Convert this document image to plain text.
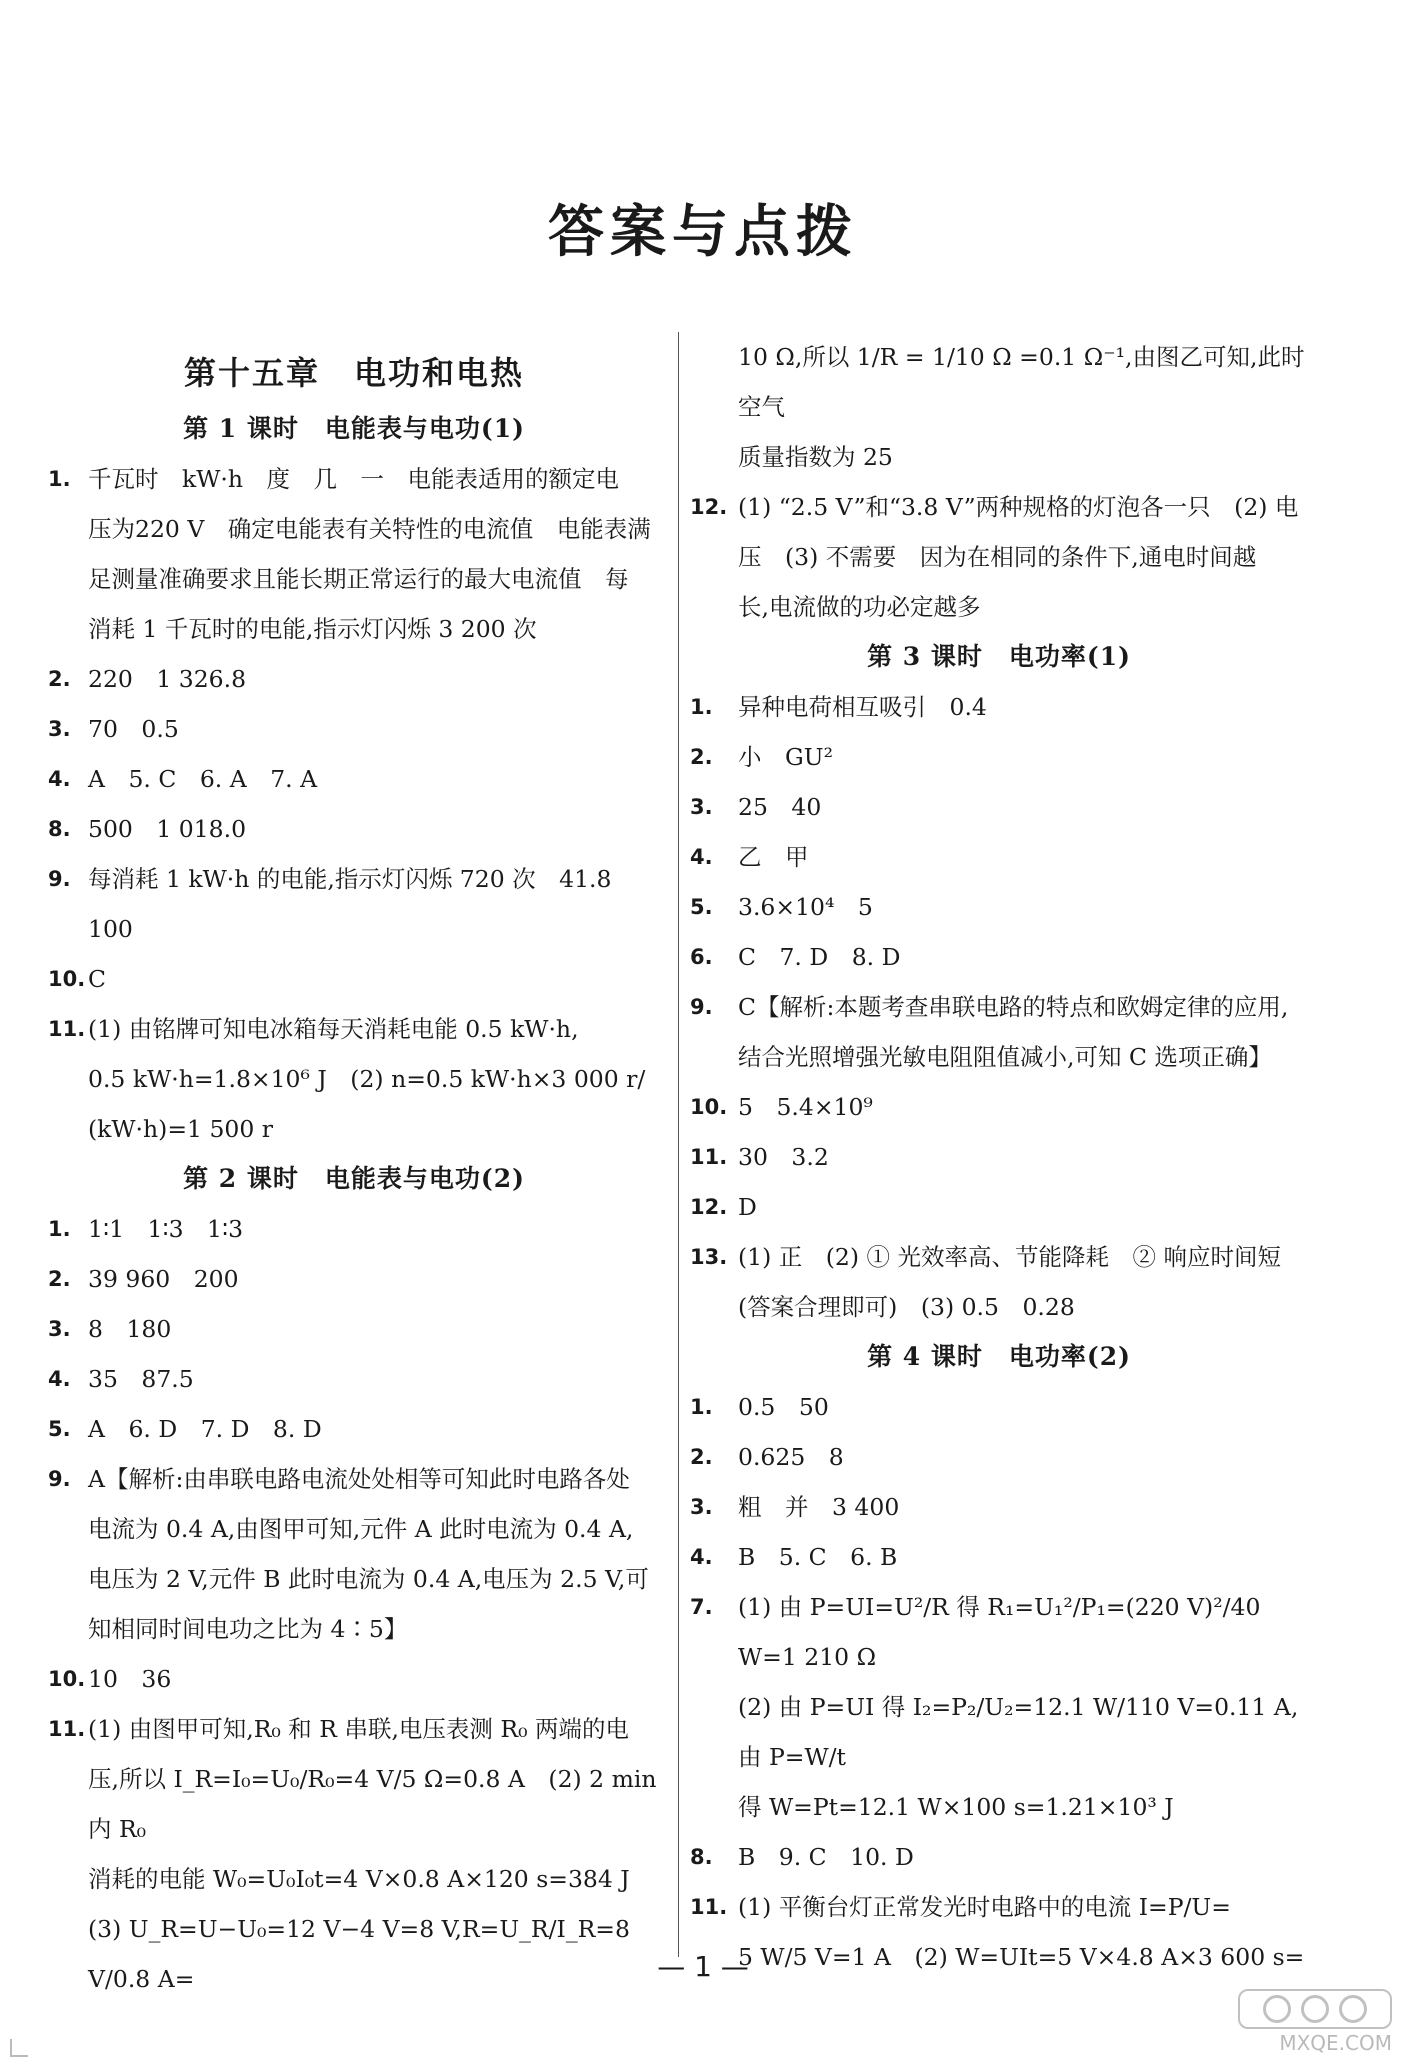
答案与点拨
第十五章　电功和电热
第 1 课时　电能表与电功(1)
1. 千瓦时　kW·h　度　几　一　电能表适用的额定电
压为220 V　确定电能表有关特性的电流值　电能表满
足测量准确要求且能长期正常运行的最大电流值　每
消耗 1 千瓦时的电能,指示灯闪烁 3 200 次
2. 220　1 326.8
3. 70　0.5
4. A　5. C　6. A　7. A
8. 500　1 018.0
9. 每消耗 1 kW·h 的电能,指示灯闪烁 720 次　41.8　100
10. C
11. (1) 由铭牌可知电冰箱每天消耗电能 0.5 kW·h,
0.5 kW·h=1.8×10⁶ J　(2) n=0.5 kW·h×3 000 r/
(kW·h)=1 500 r
第 2 课时　电能表与电功(2)
1. 1∶1　1∶3　1∶3
2. 39 960　200
3. 8　180
4. 35　87.5
5. A　6. D　7. D　8. D
9. A【解析:由串联电路电流处处相等可知此时电路各处
电流为 0.4 A,由图甲可知,元件 A 此时电流为 0.4 A,
电压为 2 V,元件 B 此时电流为 0.4 A,电压为 2.5 V,可
知相同时间电功之比为 4∶5】
10. 10　36
11. (1) 由图甲可知,R₀ 和 R 串联,电压表测 R₀ 两端的电
压,所以 I_R=I₀=U₀/R₀=4 V/5 Ω=0.8 A　(2) 2 min 内 R₀
消耗的电能 W₀=U₀I₀t=4 V×0.8 A×120 s=384 J
(3) U_R=U−U₀=12 V−4 V=8 V,R=U_R/I_R=8 V/0.8 A=
10 Ω,所以 1/R = 1/10 Ω =0.1 Ω⁻¹,由图乙可知,此时空气
质量指数为 25
12. (1) “2.5 V”和“3.8 V”两种规格的灯泡各一只　(2) 电
压　(3) 不需要　因为在相同的条件下,通电时间越
长,电流做的功必定越多
第 3 课时　电功率(1)
1.	异种电荷相互吸引　0.4
2.	小　GU²
3.	25　40
4.	乙　甲
5.	3.6×10⁴　5
6.	C　7. D　8. D
9.	C【解析:本题考查串联电路的特点和欧姆定律的应用,
结合光照增强光敏电阻阻值减小,可知 C 选项正确】
10. 5　5.4×10⁹
11. 30　3.2
12. D
13. (1) 正　(2) ① 光效率高、节能降耗　② 响应时间短
(答案合理即可)　(3) 0.5　0.28
第 4 课时　电功率(2)
1.	0.5　50
2.	0.625　8
3.	粗　并　3 400
4.	B　5. C　6. B
7.	(1) 由 P=UI=U²/R 得 R₁=U₁²/P₁=(220 V)²/40 W=1 210 Ω
(2) 由 P=UI 得 I₂=P₂/U₂=12.1 W/110 V=0.11 A,由 P=W/t
得 W=Pt=12.1 W×100 s=1.21×10³ J
8.	B　9. C　10. D
11. (1) 平衡台灯正常发光时电路中的电流 I=P/U=
5 W/5 V=1 A　(2) W=UIt=5 V×4.8 A×3 600 s=
— 1 —
MXQE.COM
